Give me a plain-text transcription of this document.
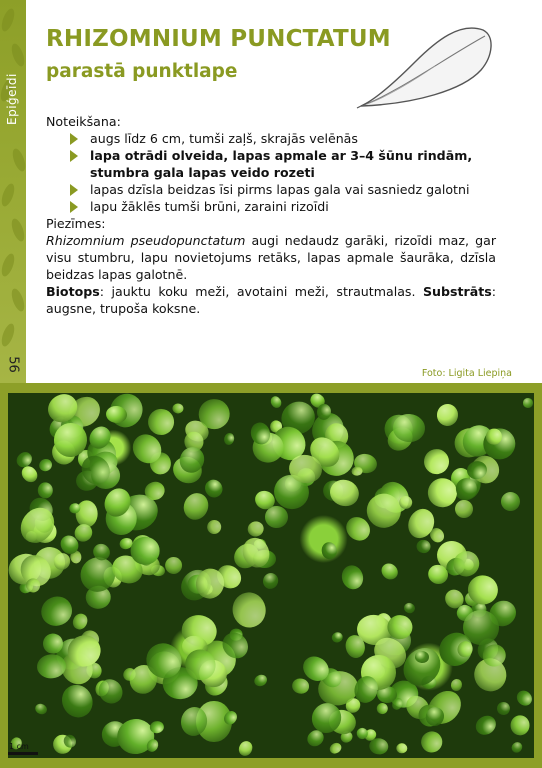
Epiģeīdi
56
RHIZOMNIUM PUNCTATUM
parastā punktlape

Noteikšana:

augs līdz 6 cm, tumši zaļš, skrajās velēnās
lapa otrādi olveida, lapas apmale ar 3–4 šūnu rindām, stumbra gala lapas veido rozeti
lapas dzīsla beidzas īsi pirms lapas gala vai sasniedz galotni
lapu žāklēs tumši brūni, zaraini rizoīdi

Piezīmes:

Rhizomnium pseudopunctatum augi nedaudz garāki, rizoīdi maz, gar visu stumbru, lapu novietojums retāks, lapas apmale šaurāka, dzīsla beidzas lapas galotnē.

Biotops: jauktu koku meži, avotaini meži, strautmalas. Substrāts: augsne, trupoša koksne.

Foto: Ligita Liepiņa
1 cm
